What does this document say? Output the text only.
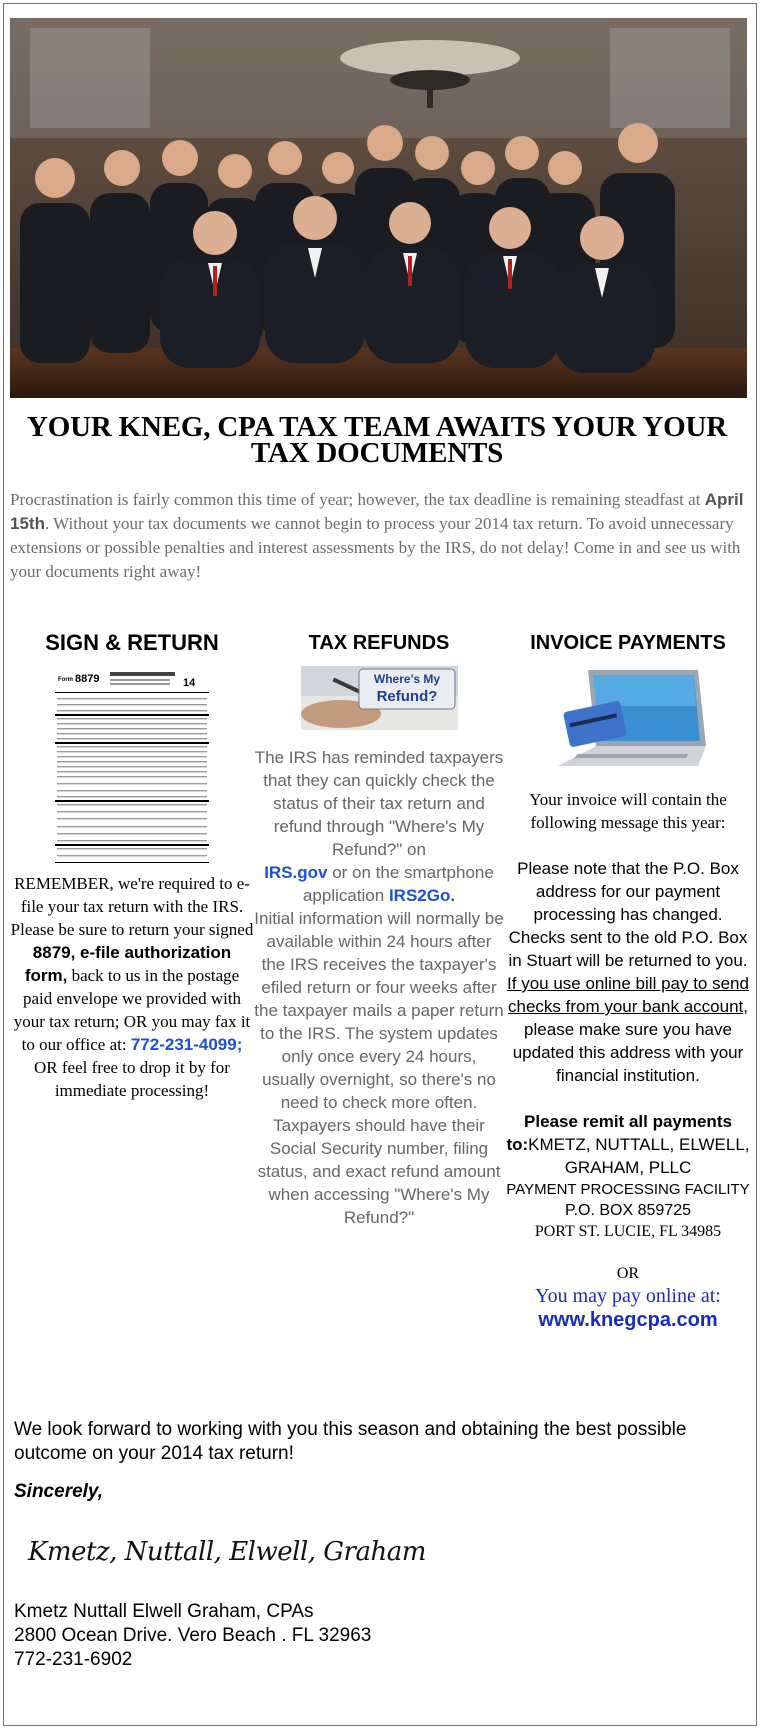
YOUR KNEG, CPA TAX TEAM AWAITS YOUR YOUR TAX DOCUMENTS

Procrastination is fairly common this time of year; however, the tax deadline is remaining steadfast at April 15th. Without your tax documents we cannot begin to process your 2014 tax return. To avoid unnecessary extensions or possible penalties and interest assessments by the IRS, do not delay! Come in and see us with your documents right away!

SIGN & RETURN
Form 8879	14

REMEMBER, we're required to e-file your tax return with the IRS. Please be sure to return your signed 8879, e-file authorization form, back to us in the postage paid envelope we provided with your tax return; OR you may fax it to our office at: 772-231-4099;
OR feel free to drop it by for immediate processing!

TAX REFUNDS
Where's My
Refund?

The IRS has reminded taxpayers that they can quickly check the status of their tax return and refund through "Where's My Refund?" on
IRS.gov or on the smartphone application IRS2Go.
Initial information will normally be available within 24 hours after the IRS receives the taxpayer's efiled return or four weeks after the taxpayer mails a paper return to the IRS. The system updates only once every 24 hours, usually overnight, so there's no need to check more often. Taxpayers should have their Social Security number, filing status, and exact refund amount when accessing "Where's My Refund?"

INVOICE PAYMENTS

Your invoice will contain the following message this year:

Please note that the P.O. Box address for our payment processing has changed. Checks sent to the old P.O. Box in Stuart will be returned to you. If you use online bill pay to send checks from your bank account, please make sure you have updated this address with your financial institution.

Please remit all payments to:KMETZ, NUTTALL, ELWELL, GRAHAM, PLLC

PAYMENT PROCESSING FACILITY

P.O. BOX 859725

PORT ST. LUCIE, FL 34985

OR

You may pay online at:

www.knegcpa.com

We look forward to working with you this season and obtaining the best possible outcome on your 2014 tax return!

Sincerely,

Kmetz, Nuttall, Elwell, Graham
Kmetz Nuttall Elwell Graham, CPAs
2800 Ocean Drive. Vero Beach . FL 32963
772-231-6902
